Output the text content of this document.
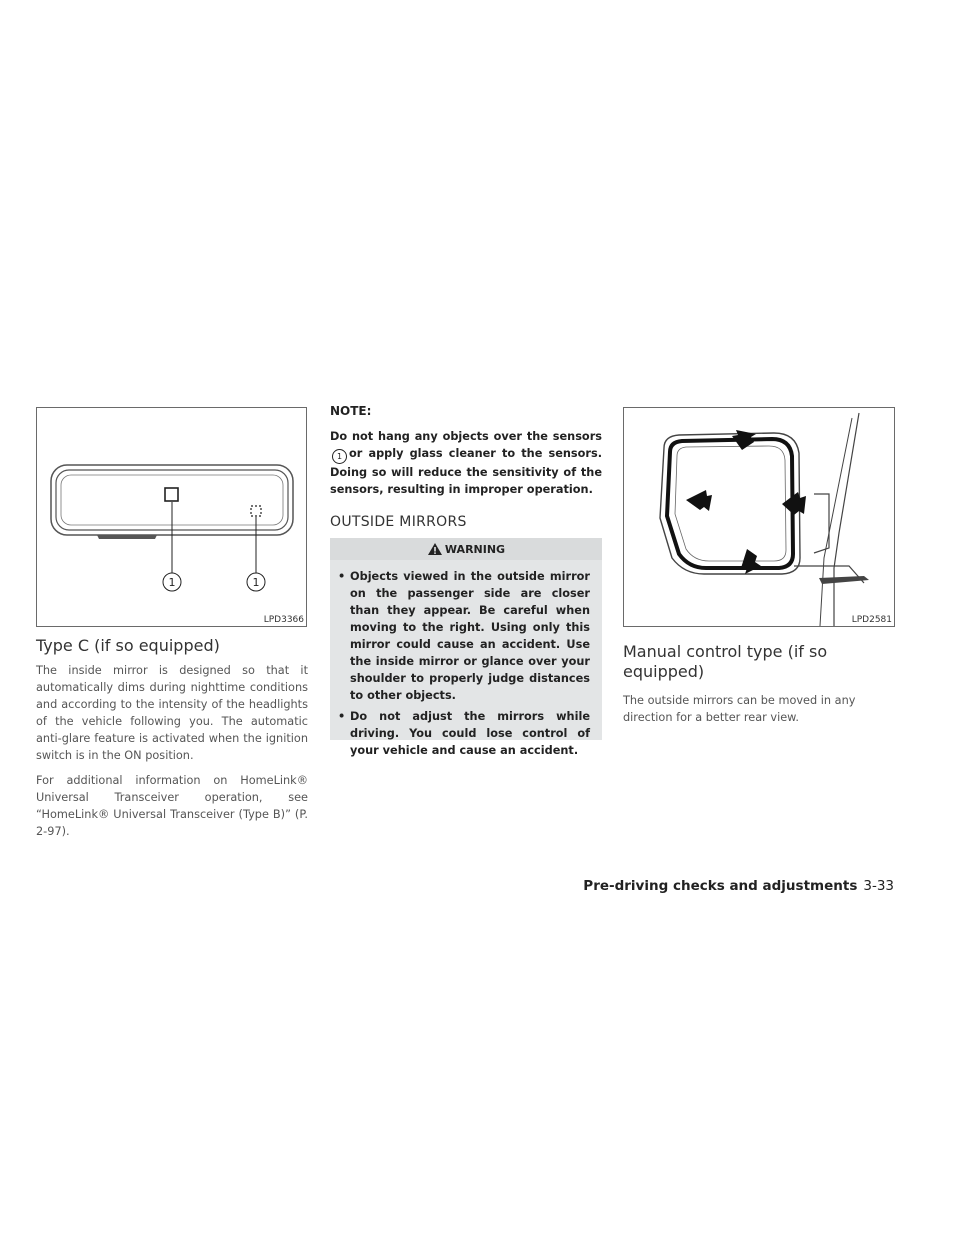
1	1
LPD3366
Type C (if so equipped)

The inside mirror is designed so that it automatically dims during nighttime conditions and according to the intensity of the headlights of the vehicle following you. The automatic anti-glare feature is activated when the ignition switch is in the ON position.

For additional information on HomeLink® Universal Transceiver operation, see “HomeLink® Universal Transceiver (Type B)” (P. 2-97).

NOTE:

Do not hang any objects over the sensors1 or apply glass cleaner to the sensors. Doing so will reduce the sensitivity of the sensors, resulting in improper operation.

OUTSIDE MIRRORS
WARNING
• Objects viewed in the outside mirror on the passenger side are closer than they appear. Be careful when moving to the right. Using only this mirror could cause an accident. Use the inside mirror or glance over your shoulder to properly judge distances to other objects.
• Do not adjust the mirrors while driving. You could lose control of your vehicle and cause an accident.
LPD2581
Manual control type (if so equipped)

The outside mirrors can be moved in any direction for a better rear view.

Pre-driving checks and adjustments 3-33
